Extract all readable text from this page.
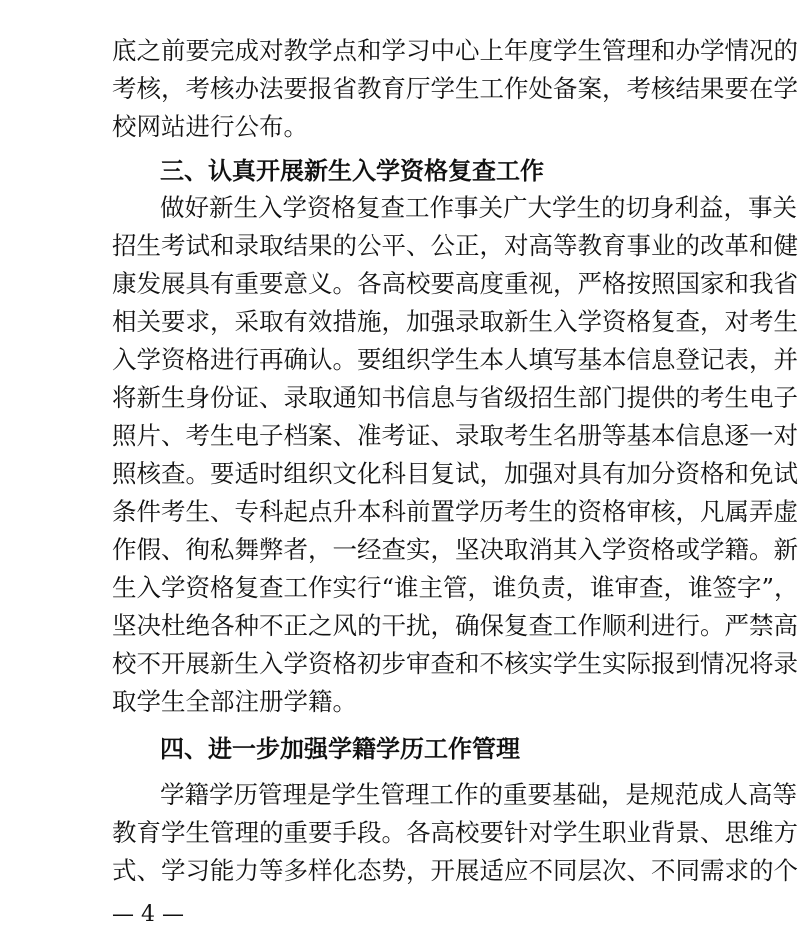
底之前要完成对教学点和学习中心上年度学生管理和办学情况的
考核，考核办法要报省教育厅学生工作处备案，考核结果要在学
校网站进行公布。
三、认真开展新生入学资格复查工作
做好新生入学资格复查工作事关广大学生的切身利益，事关
招生考试和录取结果的公平、公正，对高等教育事业的改革和健
康发展具有重要意义。各高校要高度重视，严格按照国家和我省
相关要求，采取有效措施，加强录取新生入学资格复查，对考生
入学资格进行再确认。要组织学生本人填写基本信息登记表，并
将新生身份证、录取通知书信息与省级招生部门提供的考生电子
照片、考生电子档案、准考证、录取考生名册等基本信息逐一对
照核查。要适时组织文化科目复试，加强对具有加分资格和免试
条件考生、专科起点升本科前置学历考生的资格审核，凡属弄虚
作假、徇私舞弊者，一经查实，坚决取消其入学资格或学籍。新
生入学资格复查工作实行“谁主管，谁负责，谁审查，谁签字”，
坚决杜绝各种不正之风的干扰，确保复查工作顺利进行。严禁高
校不开展新生入学资格初步审查和不核实学生实际报到情况将录
取学生全部注册学籍。
四、进一步加强学籍学历工作管理
学籍学历管理是学生管理工作的重要基础，是规范成人高等
教育学生管理的重要手段。各高校要针对学生职业背景、思维方
式、学习能力等多样化态势，开展适应不同层次、不同需求的个
— 4 —
